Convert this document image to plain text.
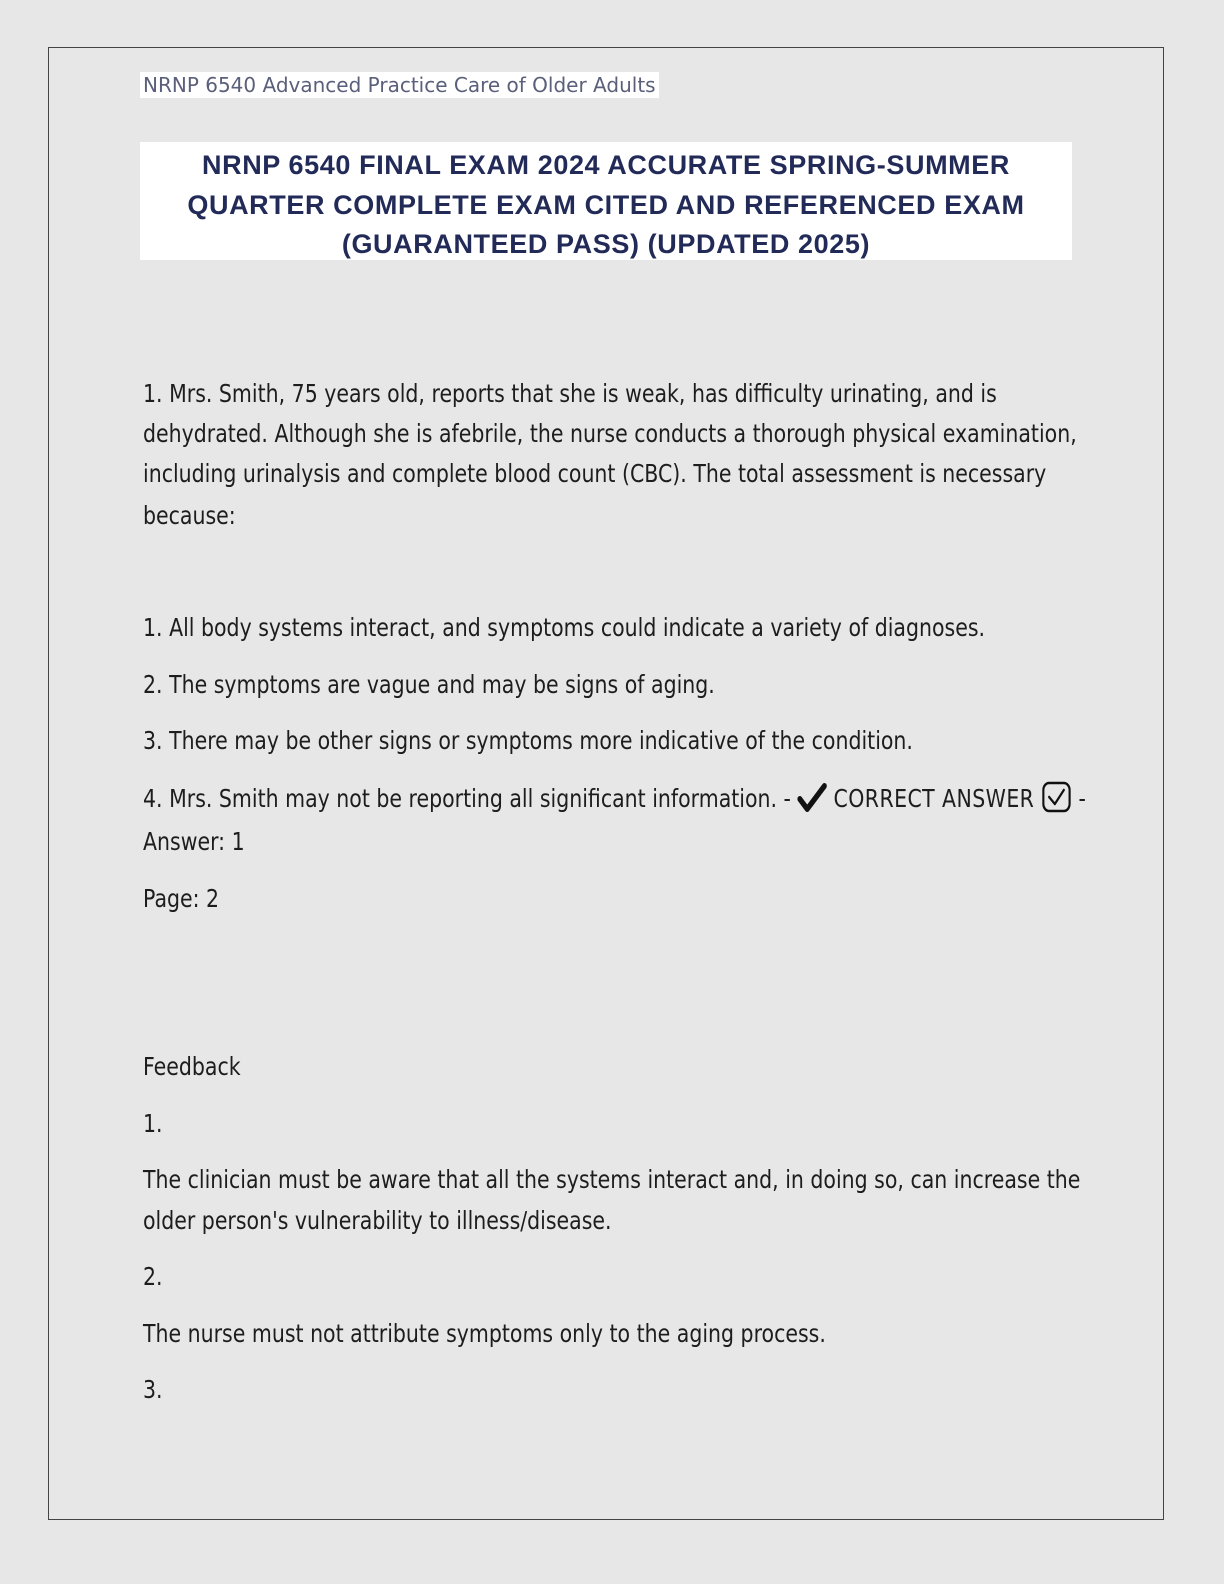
NRNP 6540 Advanced Practice Care of Older Adults
NRNP 6540 FINAL EXAM 2024 ACCURATE SPRING-SUMMER
QUARTER COMPLETE EXAM CITED AND REFERENCED EXAM
(GUARANTEED PASS) (UPDATED 2025)
1. Mrs. Smith, 75 years old, reports that she is weak, has difficulty urinating, and is
dehydrated. Although she is afebrile, the nurse conducts a thorough physical examination,
including urinalysis and complete blood count (CBC). The total assessment is necessary
because:
1. All body systems interact, and symptoms could indicate a variety of diagnoses.
2. The symptoms are vague and may be signs of aging.
3. There may be other signs or symptoms more indicative of the condition.
4. Mrs. Smith may not be reporting all significant information. - CORRECT ANSWER -
Answer: 1
Page: 2
Feedback
1.
The clinician must be aware that all the systems interact and, in doing so, can increase the
older person's vulnerability to illness/disease.
2.
The nurse must not attribute symptoms only to the aging process.
3.
